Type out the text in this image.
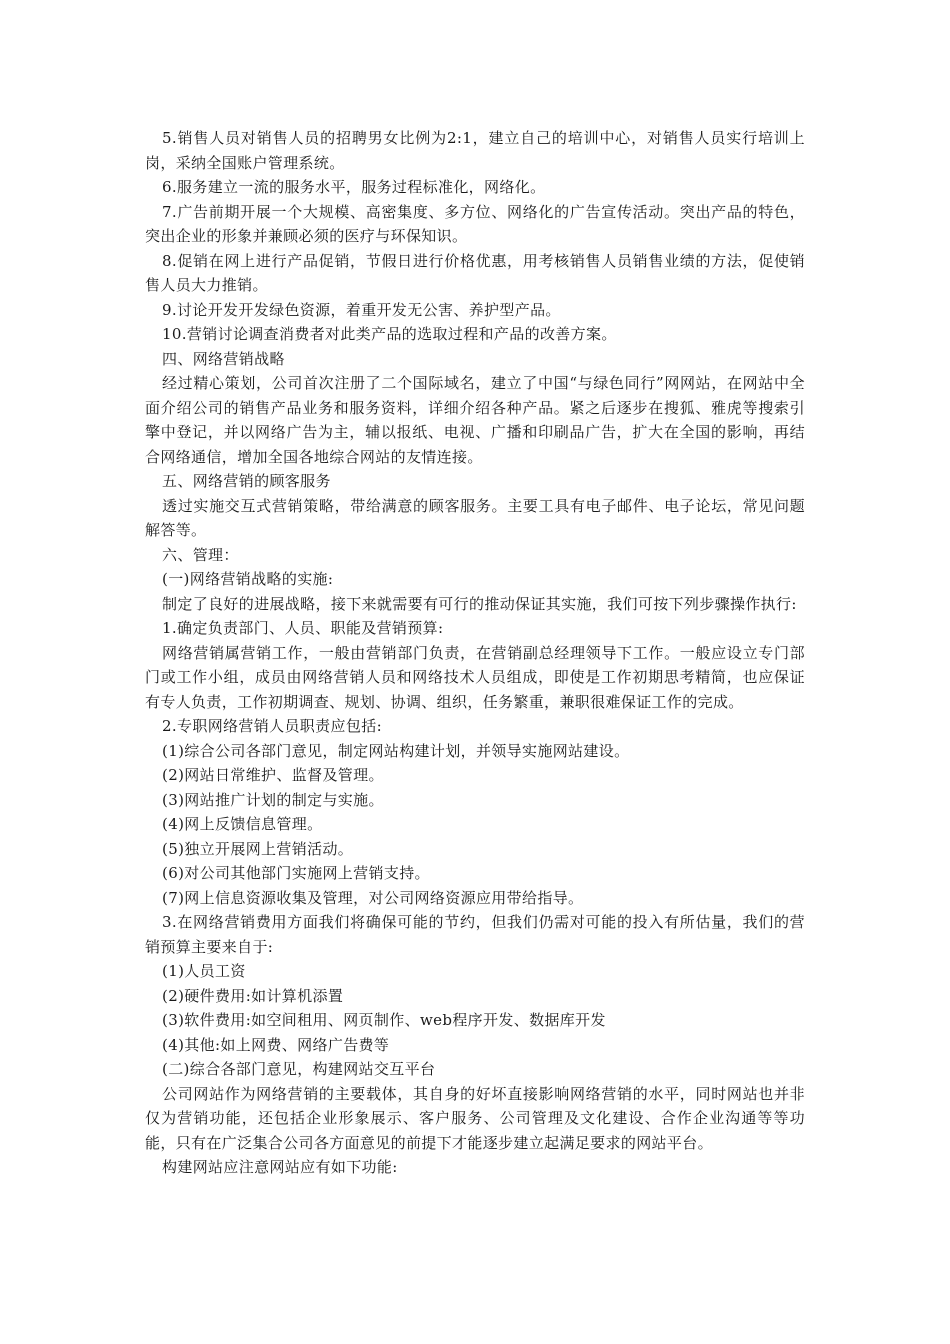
5.销售人员对销售人员的招聘男女比例为2:1，建立自己的培训中心，对销售人员实行培训上岗，采纳全国账户管理系统。

6.服务建立一流的服务水平，服务过程标准化，网络化。

7.广告前期开展一个大规模、高密集度、多方位、网络化的广告宣传活动。突出产品的特色，突出企业的形象并兼顾必须的医疗与环保知识。

8.促销在网上进行产品促销，节假日进行价格优惠，用考核销售人员销售业绩的方法，促使销售人员大力推销。

9.讨论开发开发绿色资源，着重开发无公害、养护型产品。

10.营销讨论调查消费者对此类产品的选取过程和产品的改善方案。

四、网络营销战略

经过精心策划，公司首次注册了二个国际域名，建立了中国“与绿色同行”网网站，在网站中全面介绍公司的销售产品业务和服务资料，详细介绍各种产品。紧之后逐步在搜狐、雅虎等搜索引擎中登记，并以网络广告为主，辅以报纸、电视、广播和印刷品广告，扩大在全国的影响，再结合网络通信，增加全国各地综合网站的友情连接。

五、网络营销的顾客服务

透过实施交互式营销策略，带给满意的顾客服务。主要工具有电子邮件、电子论坛，常见问题解答等。

六、管理：

(一)网络营销战略的实施:

制定了良好的进展战略，接下来就需要有可行的推动保证其实施，我们可按下列步骤操作执行:

1.确定负责部门、人员、职能及营销预算:

网络营销属营销工作，一般由营销部门负责，在营销副总经理领导下工作。一般应设立专门部门或工作小组，成员由网络营销人员和网络技术人员组成，即使是工作初期思考精简，也应保证有专人负责，工作初期调查、规划、协调、组织，任务繁重，兼职很难保证工作的完成。

2.专职网络营销人员职责应包括:

(1)综合公司各部门意见，制定网站构建计划，并领导实施网站建设。

(2)网站日常维护、监督及管理。

(3)网站推广计划的制定与实施。

(4)网上反馈信息管理。

(5)独立开展网上营销活动。

(6)对公司其他部门实施网上营销支持。

(7)网上信息资源收集及管理，对公司网络资源应用带给指导。

3.在网络营销费用方面我们将确保可能的节约，但我们仍需对可能的投入有所估量，我们的营销预算主要来自于:

(1)人员工资

(2)硬件费用:如计算机添置

(3)软件费用:如空间租用、网页制作、web程序开发、数据库开发

(4)其他:如上网费、网络广告费等

(二)综合各部门意见，构建网站交互平台

公司网站作为网络营销的主要载体，其自身的好坏直接影响网络营销的水平，同时网站也并非仅为营销功能，还包括企业形象展示、客户服务、公司管理及文化建设、合作企业沟通等等功能，只有在广泛集合公司各方面意见的前提下才能逐步建立起满足要求的网站平台。

构建网站应注意网站应有如下功能:
